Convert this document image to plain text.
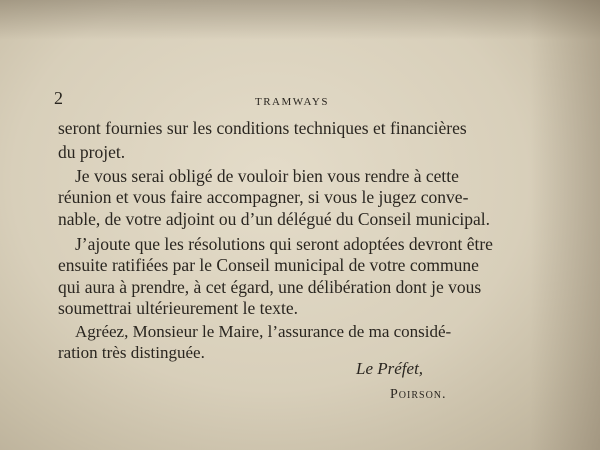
2	TRAMWAYS
seront fournies sur les conditions techniques et financières
du projet.
Je vous serai obligé de vouloir bien vous rendre à cette
réunion et vous faire accompagner, si vous le jugez conve-
nable, de votre adjoint ou d’un délégué du Conseil municipal.
J’ajoute que les résolutions qui seront adoptées devront être
ensuite ratifiées par le Conseil municipal de votre commune
qui aura à prendre, à cet égard, une délibération dont je vous
soumettrai ultérieurement le texte.
Agréez, Monsieur le Maire, l’assurance de ma considé-
ration très distinguée.
Le Préfet,
Poirson.
